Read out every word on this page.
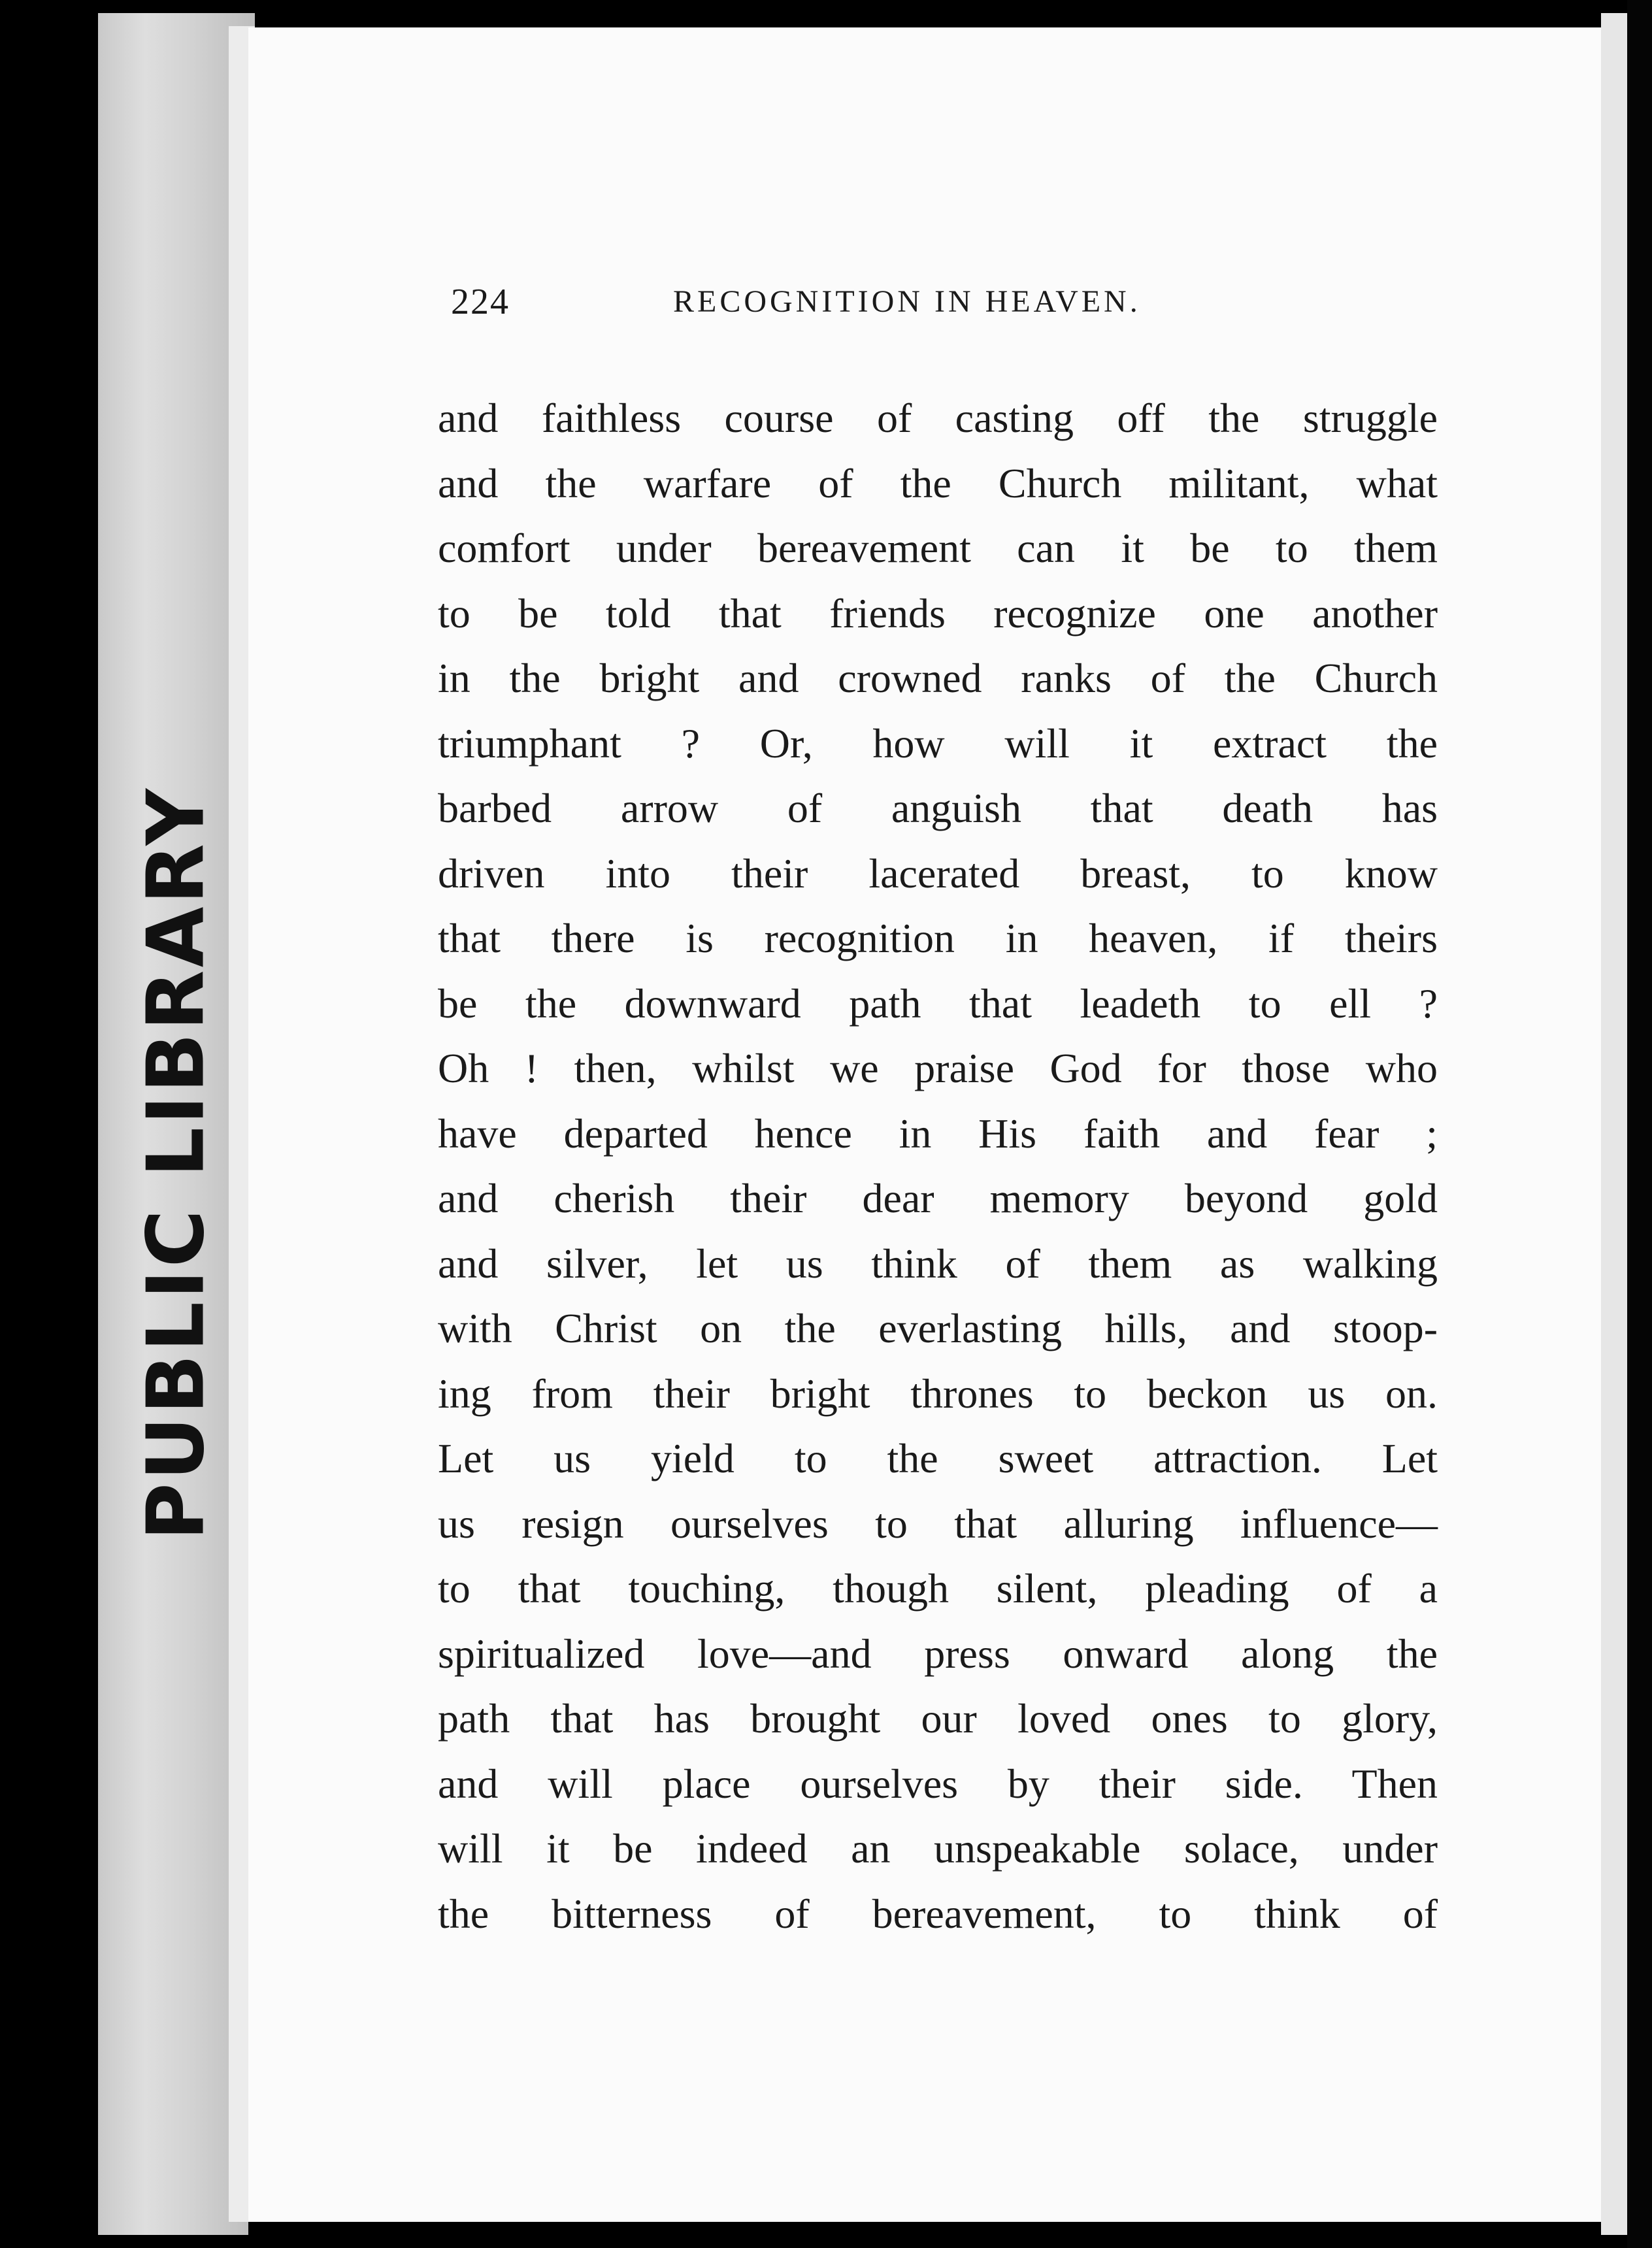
PUBLIC LIBRARY
224	RECOGNITION IN HEAVEN.
and faithless course of casting off the struggle
and the warfare of the Church militant, what
comfort under bereavement can it be to them
to be told that friends recognize one another
in the bright and crowned ranks of the Church
triumphant ? Or, how will it extract the
barbed arrow of anguish that death has
driven into their lacerated breast, to know
that there is recognition in heaven, if theirs
be the downward path that leadeth to ell ?
Oh ! then, whilst we praise God for those who
have departed hence in His faith and fear ;
and cherish their dear memory beyond gold
and silver, let us think of them as walking
with Christ on the everlasting hills, and stoop-
ing from their bright thrones to beckon us on.
Let us yield to the sweet attraction. Let
us resign ourselves to that alluring influence—
to that touching, though silent, pleading of a
spiritualized love—and press onward along the
path that has brought our loved ones to glory,
and will place ourselves by their side. Then
will it be indeed an unspeakable solace, under
the bitterness of bereavement, to think of
